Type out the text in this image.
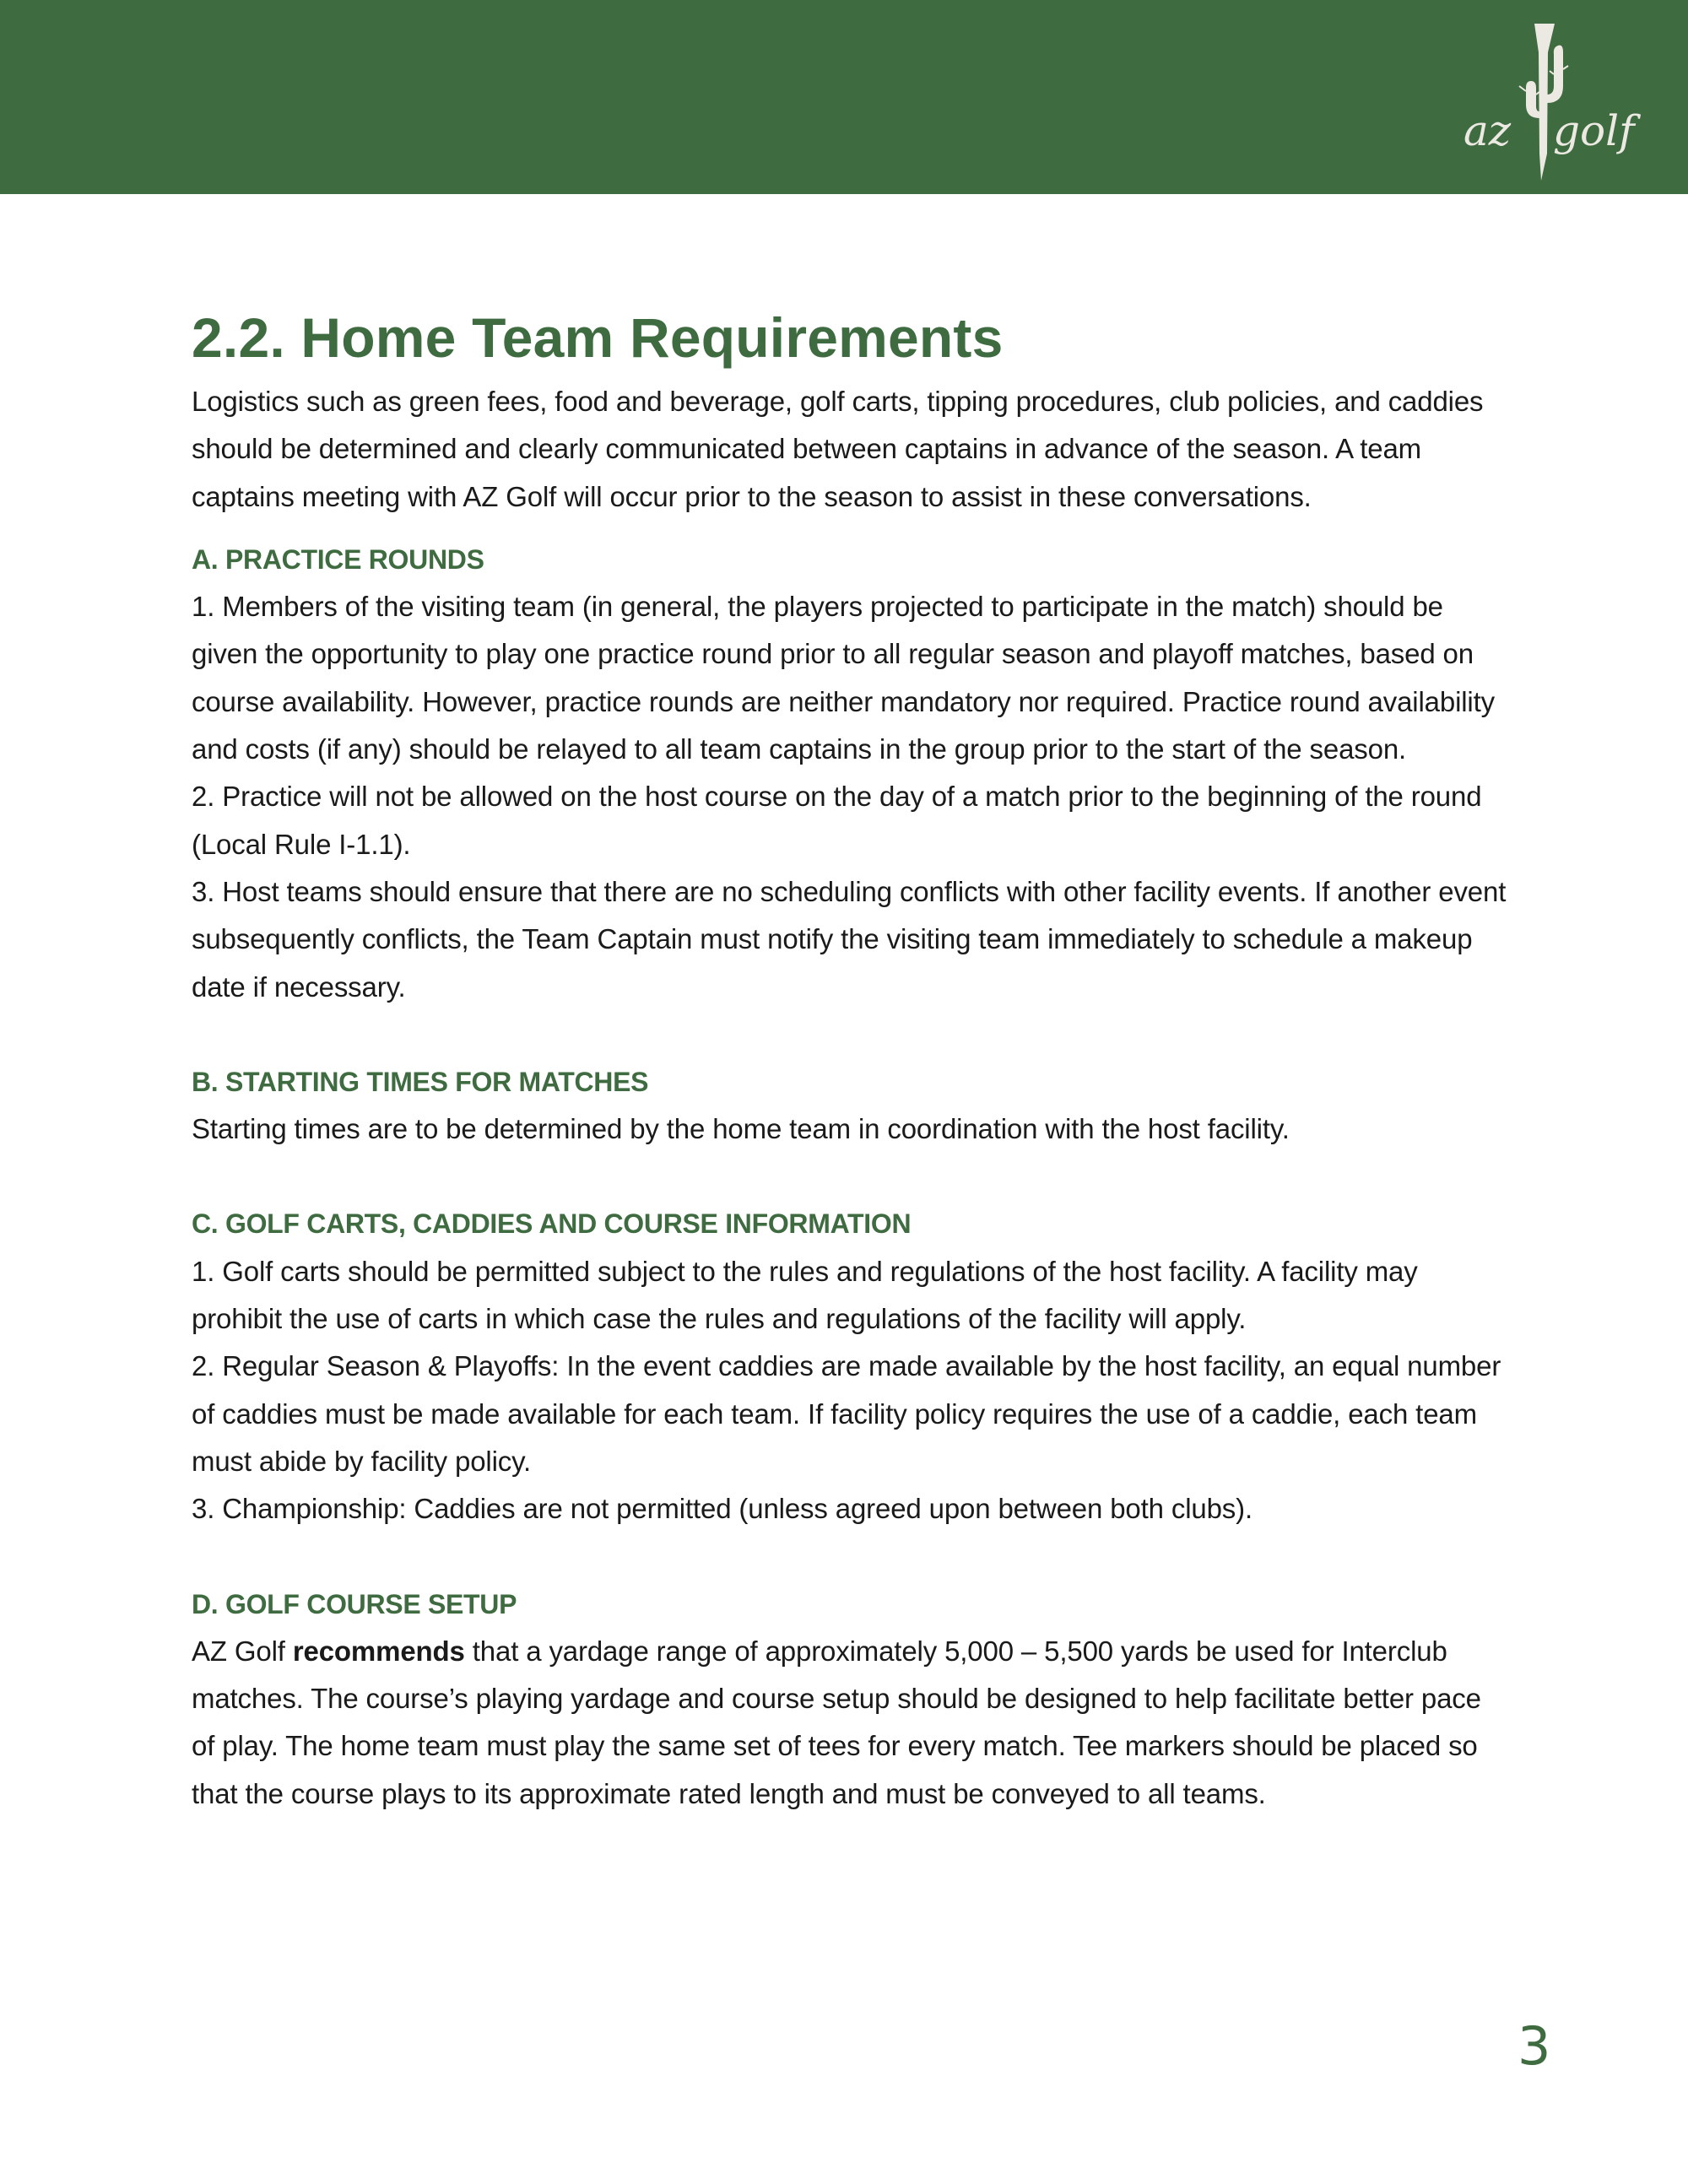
az golf
2.2. Home Team Requirements

Logistics such as green fees, food and beverage, golf carts, tipping procedures, club policies, and caddies should be determined and clearly communicated between captains in advance of the season. A team captains meeting with AZ Golf will occur prior to the season to assist in these conversations.

A. PRACTICE ROUNDS

1. Members of the visiting team (in general, the players projected to participate in the match) should be given the opportunity to play one practice round prior to all regular season and playoff matches, based on course availability. However, practice rounds are neither mandatory nor required. Practice round availability and costs (if any) should be relayed to all team captains in the group prior to the start of the season.

2. Practice will not be allowed on the host course on the day of a match prior to the beginning of the round (Local Rule I-1.1).

3. Host teams should ensure that there are no scheduling conflicts with other facility events. If another event subsequently conflicts, the Team Captain must notify the visiting team immediately to schedule a makeup date if necessary.

B. STARTING TIMES FOR MATCHES

Starting times are to be determined by the home team in coordination with the host facility.

C. GOLF CARTS, CADDIES AND COURSE INFORMATION

1. Golf carts should be permitted subject to the rules and regulations of the host facility. A facility may prohibit the use of carts in which case the rules and regulations of the facility will apply.

2. Regular Season & Playoffs: In the event caddies are made available by the host facility, an equal number of caddies must be made available for each team. If facility policy requires the use of a caddie, each team must abide by facility policy.

3. Championship: Caddies are not permitted (unless agreed upon between both clubs).

D. GOLF COURSE SETUP

AZ Golf recommends that a yardage range of approximately 5,000 – 5,500 yards be used for Interclub matches. The course’s playing yardage and course setup should be designed to help facilitate better pace of play. The home team must play the same set of tees for every match. Tee markers should be placed so that the course plays to its approximate rated length and must be conveyed to all teams.

3
